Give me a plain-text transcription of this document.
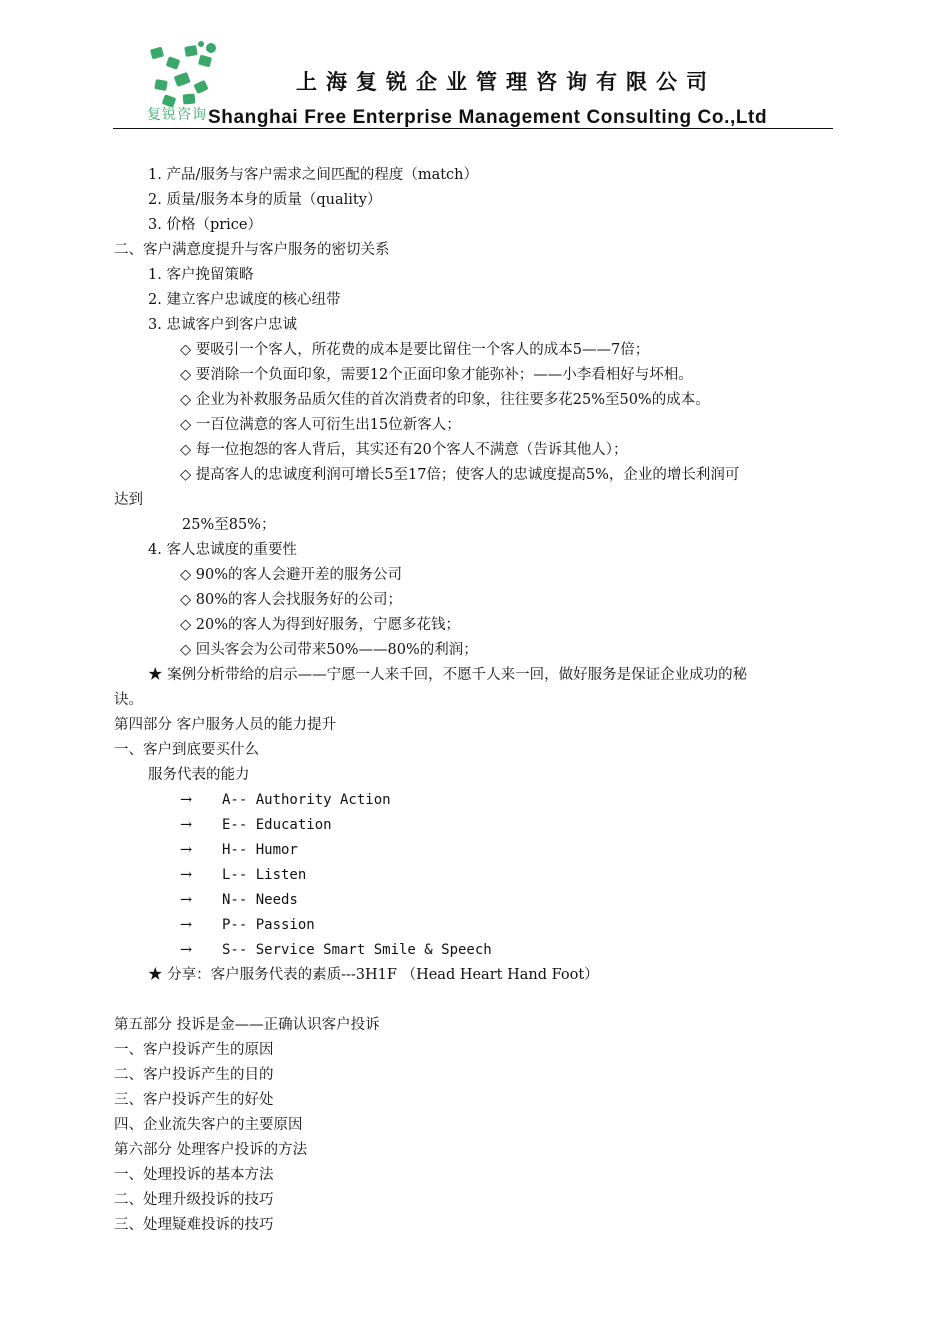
复锐咨询
上海复锐企业管理咨询有限公司
Shanghai Free Enterprise Management Consulting Co.,Ltd
1. 产品/服务与客户需求之间匹配的程度（match）
2. 质量/服务本身的质量（quality）
3. 价格（price）
二、客户满意度提升与客户服务的密切关系
1. 客户挽留策略
2. 建立客户忠诚度的核心纽带
3. 忠诚客户到客户忠诚
◇ 要吸引一个客人，所花费的成本是要比留住一个客人的成本5——7倍；
◇ 要消除一个负面印象，需要12个正面印象才能弥补；——小李看相好与坏相。
◇ 企业为补救服务品质欠佳的首次消费者的印象，往往要多花25%至50%的成本。
◇ 一百位满意的客人可衍生出15位新客人；
◇ 每一位抱怨的客人背后，其实还有20个客人不满意（告诉其他人）；
◇ 提高客人的忠诚度利润可增长5至17倍；使客人的忠诚度提高5%，企业的增长利润可
达到
25%至85%；
4. 客人忠诚度的重要性
◇ 90%的客人会避开差的服务公司
◇ 80%的客人会找服务好的公司；
◇ 20%的客人为得到好服务，宁愿多花钱；
◇ 回头客会为公司带来50%——80%的利润；
★ 案例分析带给的启示——宁愿一人来千回，不愿千人来一回，做好服务是保证企业成功的秘
诀。
第四部分 客户服务人员的能力提升
一、客户到底要买什么
服务代表的能力
→ A-- Authority Action
→ E-- Education
→ H-- Humor
→ L-- Listen
→ N-- Needs
→ P-- Passion
→ S-- Service Smart Smile & Speech
★ 分享：客户服务代表的素质---3H1F （Head Heart Hand Foot）
第五部分 投诉是金——正确认识客户投诉
一、客户投诉产生的原因
二、客户投诉产生的目的
三、客户投诉产生的好处
四、企业流失客户的主要原因
第六部分 处理客户投诉的方法
一、处理投诉的基本方法
二、处理升级投诉的技巧
三、处理疑难投诉的技巧
